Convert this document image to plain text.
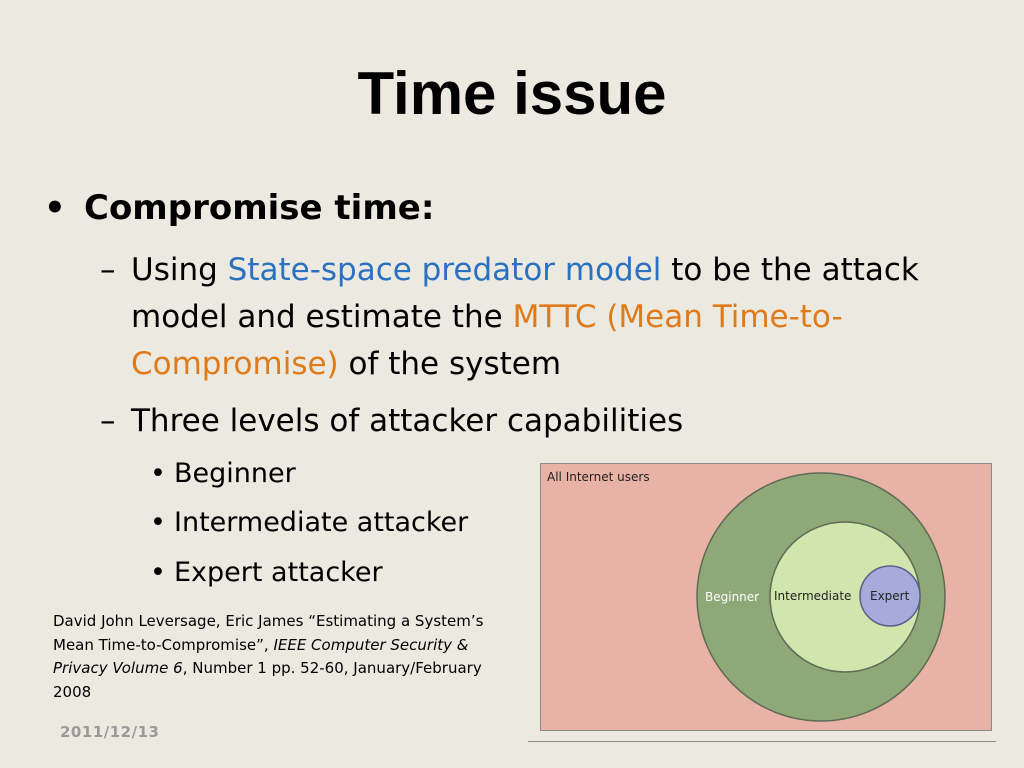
Time issue
• Compromise time:
– Using State-space predator model to be the attack model and estimate the MTTC (Mean Time-to-Compromise) of the system
– Three levels of attacker capabilities
• Beginner
• Intermediate attacker
• Expert attacker
David John Leversage, Eric James “Estimating a System’s Mean Time-to-Compromise”, IEEE Computer Security & Privacy Volume 6, Number 1 pp. 52-60, January/February 2008
All Internet users
Beginner Intermediate Expert
2011/12/13
